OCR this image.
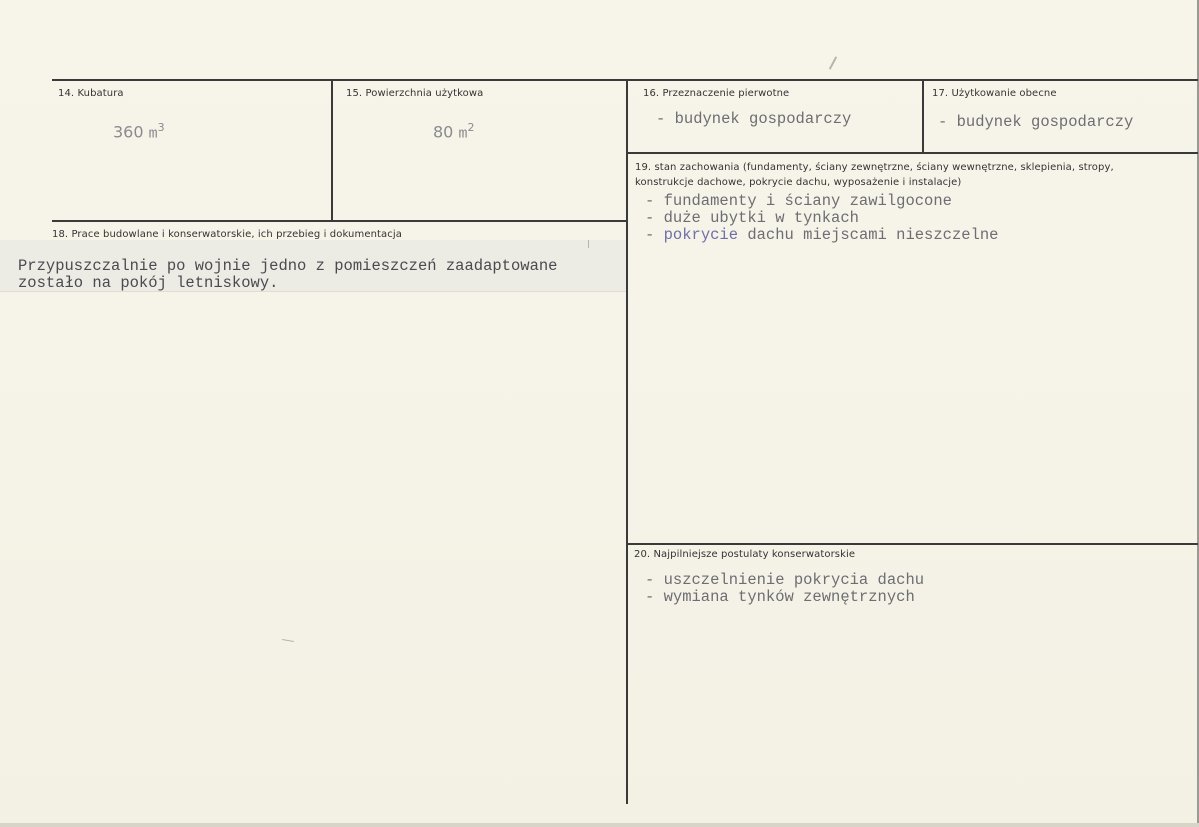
14. Kubatura
360 $m^3$
15. Powierzchnia użytkowa
80 $m^2$
16. Przeznaczenie pierwotne
- budynek gospodarczy
17. Użytkowanie obecne
- budynek gospodarczy
18. Prace budowlane i konserwatorskie, ich przebieg i dokumentacja
Przypuszczalnie po wojnie jedno z pomieszczeń zaadaptowane
zostało na pokój letniskowy.
19. stan zachowania (fundamenty, ściany zewnętrzne, ściany wewnętrzne, sklepienia, stropy, konstrukcje dachowe, pokrycie dachu, wyposażenie i instalacje)
- fundamenty i ściany zawilgocone
- duże ubytki w tynkach
- pokrycie dachu miejscami nieszczelne
20. Najpilniejsze postulaty konserwatorskie
- uszczelnienie pokrycia dachu
- wymiana tynków zewnętrznych
